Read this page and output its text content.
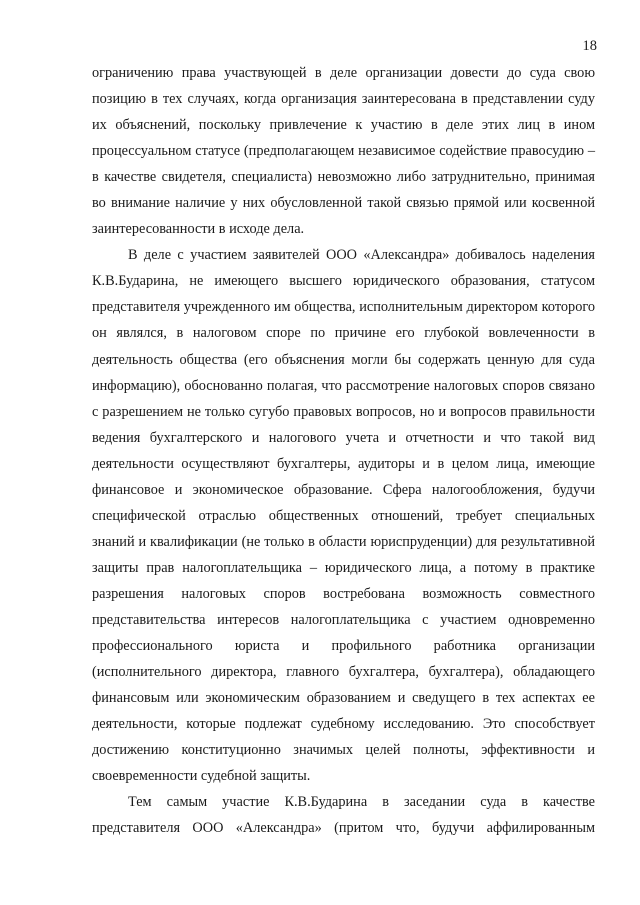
18

ограничению права участвующей в деле организации довести до суда свою позицию в тех случаях, когда организация заинтересована в представлении суду их объяснений, поскольку привлечение к участию в деле этих лиц в ином процессуальном статусе (предполагающем независимое содействие правосудию – в качестве свидетеля, специалиста) невозможно либо затруднительно, принимая во внимание наличие у них обусловленной такой связью прямой или косвенной заинтересованности в исходе дела.

В деле с участием заявителей ООО «Александра» добивалось наделения К.В.Бударина, не имеющего высшего юридического образования, статусом представителя учрежденного им общества, исполнительным директором которого он являлся, в налоговом споре по причине его глубокой вовлеченности в деятельность общества (его объяснения могли бы содержать ценную для суда информацию), обоснованно полагая, что рассмотрение налоговых споров связано с разрешением не только сугубо правовых вопросов, но и вопросов правильности ведения бухгалтерского и налогового учета и отчетности и что такой вид деятельности осуществляют бухгалтеры, аудиторы и в целом лица, имеющие финансовое и экономическое образование. Сфера налогообложения, будучи специфической отраслью общественных отношений, требует специальных знаний и квалификации (не только в области юриспруденции) для результативной защиты прав налогоплательщика – юридического лица, а потому в практике разрешения налоговых споров востребована возможность совместного представительства интересов налогоплательщика с участием одновременно профессионального юриста и профильного работника организации (исполнительного директора, главного бухгалтера, бухгалтера), обладающего финансовым или экономическим образованием и сведущего в тех аспектах ее деятельности, которые подлежат судебному исследованию. Это способствует достижению конституционно значимых целей полноты, эффективности и своевременности судебной защиты.

Тем самым участие К.В.Бударина в заседании суда в качестве представителя ООО «Александра» (притом что, будучи аффилированным
